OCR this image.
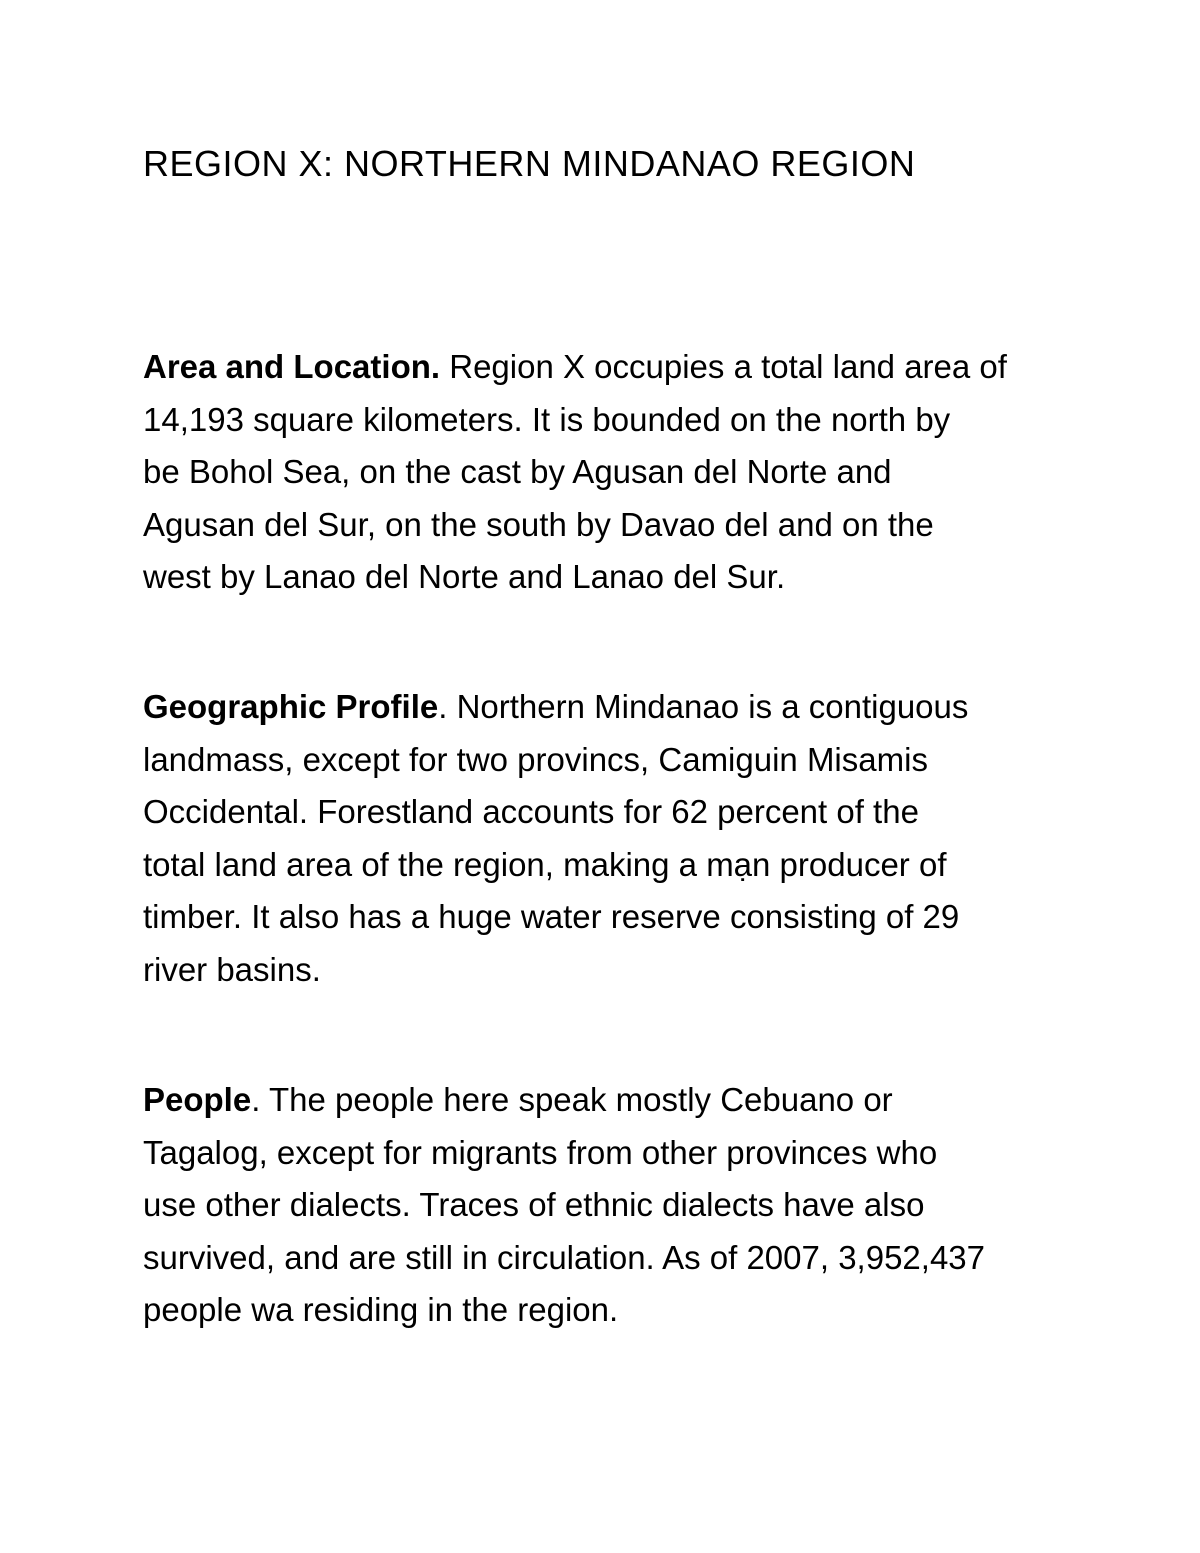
REGION X: NORTHERN MINDANAO REGION

Area and Location. Region X occupies a total land area of
14,193 square kilometers. It is bounded on the north by
be Bohol Sea, on the cast by Agusan del Norte and
Agusan del Sur, on the south by Davao del and on the
west by Lanao del Norte and Lanao del Sur.

Geographic Profile. Northern Mindanao is a contiguous
landmass, except for two provincs, Camiguin Misamis
Occidental. Forestland accounts for 62 percent of the
total land area of the region, making a mạn producer of
timber. It also has a huge water reserve consisting of 29
river basins.

People. The people here speak mostly Cebuano or
Tagalog, except for migrants from other provinces who
use other dialects. Traces of ethnic dialects have also
survived, and are still in circulation. As of 2007, 3,952,437
people wa residing in the region.
